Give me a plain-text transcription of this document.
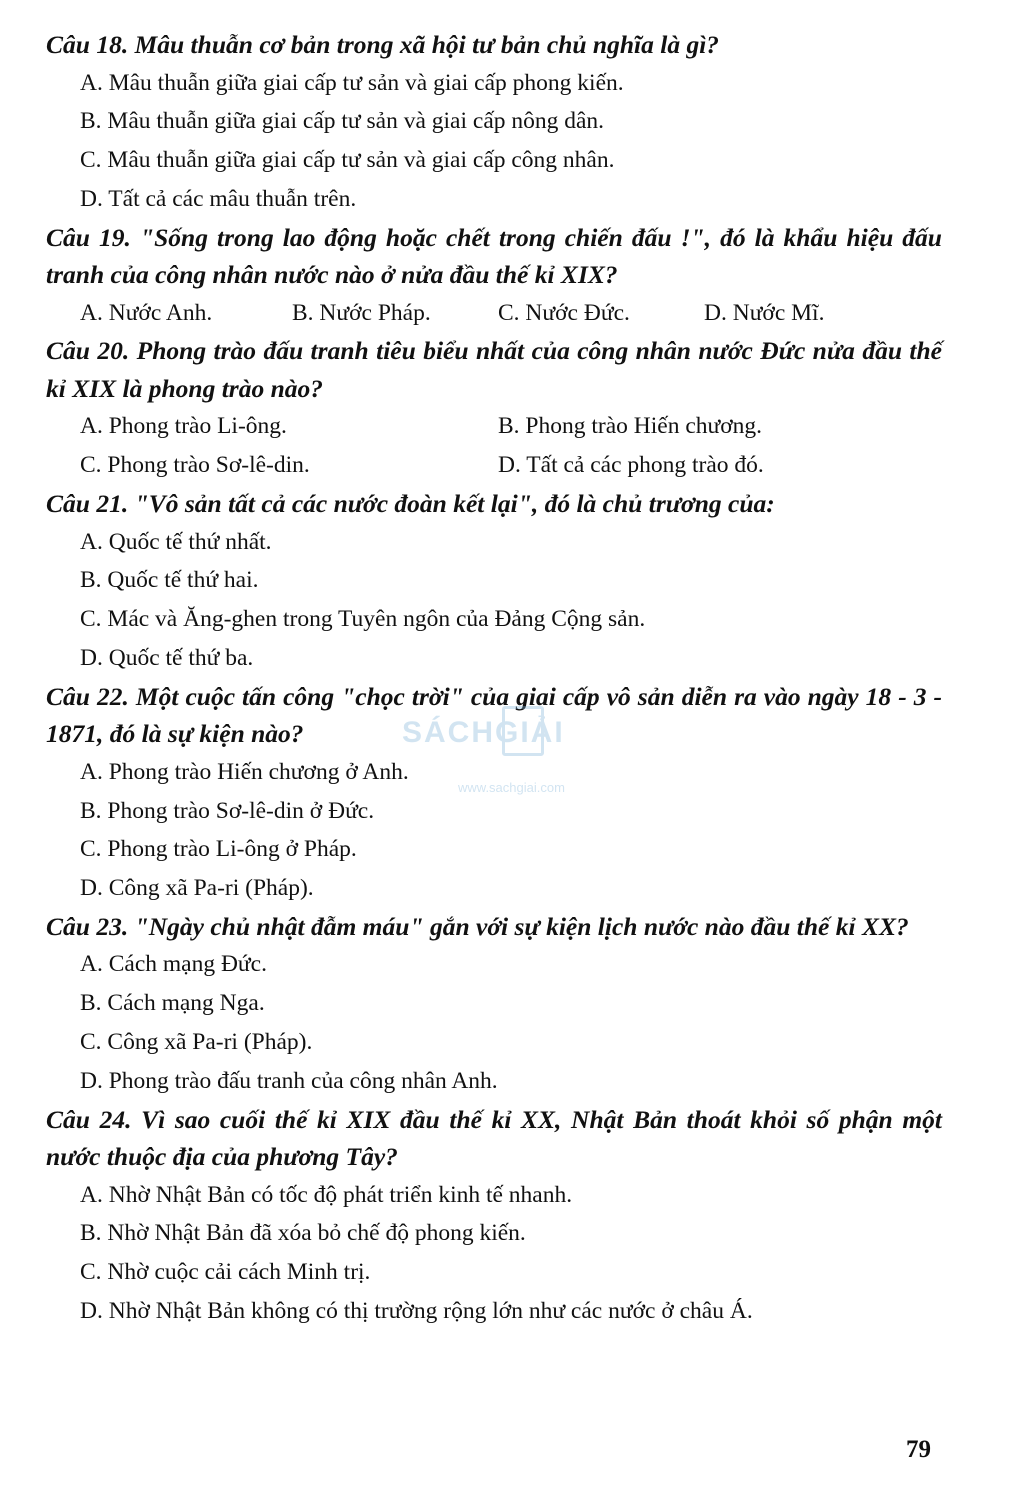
Câu 18. Mâu thuẫn cơ bản trong xã hội tư bản chủ nghĩa là gì?

A. Mâu thuẫn giữa giai cấp tư sản và giai cấp phong kiến.
B. Mâu thuẫn giữa giai cấp tư sản và giai cấp nông dân.
C. Mâu thuẫn giữa giai cấp tư sản và giai cấp công nhân.
D. Tất cả các mâu thuẫn trên.

Câu 19. "Sống trong lao động hoặc chết trong chiến đấu !", đó là khẩu hiệu đấu tranh của công nhân nước nào ở nửa đầu thế kỉ XIX?

A. Nước Anh.	B. Nước Pháp.	C. Nước Đức.	D. Nước Mĩ.

Câu 20. Phong trào đấu tranh tiêu biểu nhất của công nhân nước Đức nửa đầu thế kỉ XIX là phong trào nào?

A. Phong trào Li-ông.	B. Phong trào Hiến chương.
C. Phong trào Sơ-lê-din.	D. Tất cả các phong trào đó.

Câu 21. "Vô sản tất cả các nước đoàn kết lại", đó là chủ trương của:

A. Quốc tế thứ nhất.
B. Quốc tế thứ hai.
C. Mác và Ăng-ghen trong Tuyên ngôn của Đảng Cộng sản.
D. Quốc tế thứ ba.

Câu 22. Một cuộc tấn công "chọc trời" của giai cấp vô sản diễn ra vào ngày 18 - 3 - 1871, đó là sự kiện nào?

A. Phong trào Hiến chương ở Anh.
B. Phong trào Sơ-lê-din ở Đức.
C. Phong trào Li-ông ở Pháp.
D. Công xã Pa-ri (Pháp).

Câu 23. "Ngày chủ nhật đẫm máu" gắn với sự kiện lịch nước nào đầu thế kỉ XX?

A. Cách mạng Đức.
B. Cách mạng Nga.
C. Công xã Pa-ri (Pháp).
D. Phong trào đấu tranh của công nhân Anh.

Câu 24. Vì sao cuối thế kỉ XIX đầu thế kỉ XX, Nhật Bản thoát khỏi số phận một nước thuộc địa của phương Tây?

A. Nhờ Nhật Bản có tốc độ phát triển kinh tế nhanh.
B. Nhờ Nhật Bản đã xóa bỏ chế độ phong kiến.
C. Nhờ cuộc cải cách Minh trị.
D. Nhờ Nhật Bản không có thị trường rộng lớn như các nước ở châu Á.
SÁCHGIẢI
www.sachgiai.com
79
